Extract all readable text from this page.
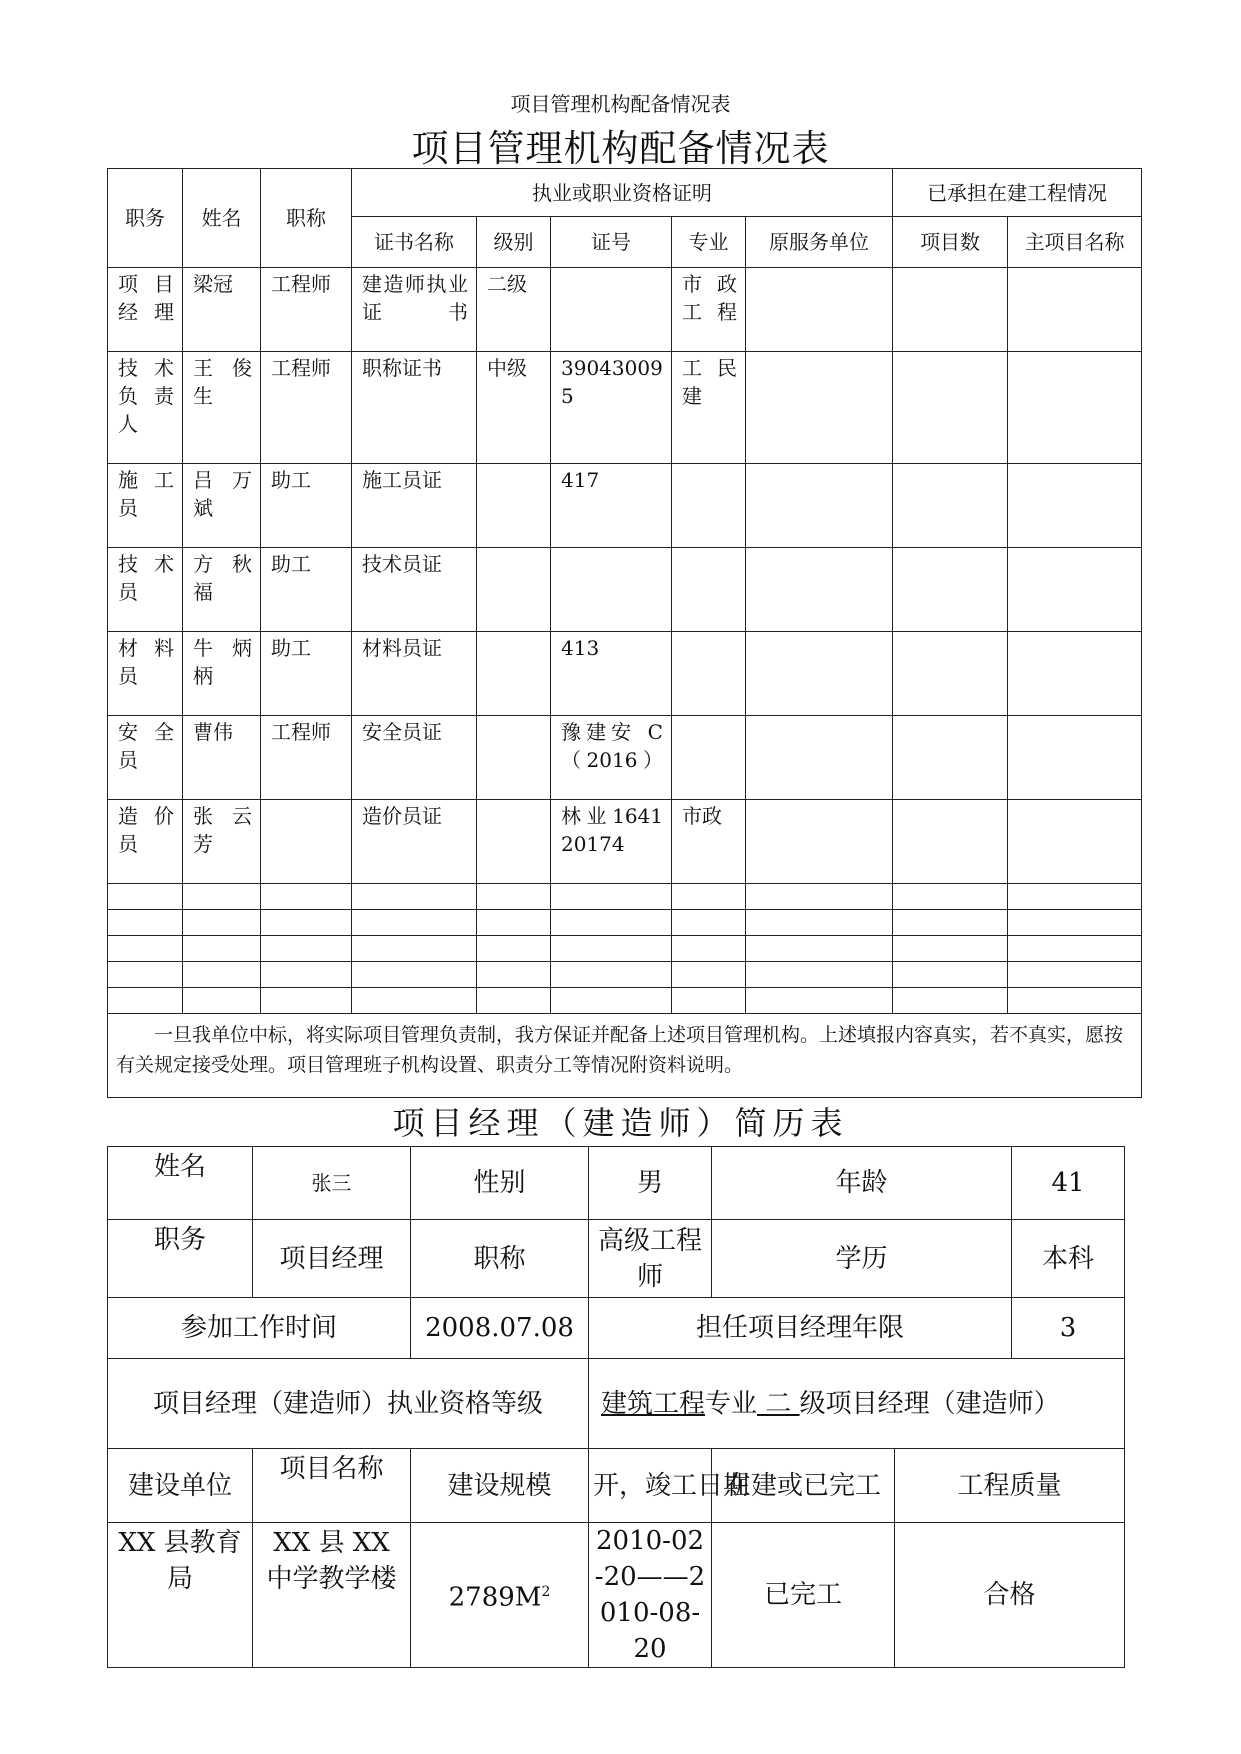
项目管理机构配备情况表
项目管理机构配备情况表
职务	姓名	职称	执业或职业资格证明					已承担在建工程情况	
			证书名称	级别	证号	专业	原服务单位	项目数	主项目名称
项目经理	梁冠	工程师	建造师执业证书	二级		市政工程			
技术负责人	王俊生	工程师	职称证书	中级	390430095	工民建			
施工员	吕万斌	助工	施工员证		417				
技术员	方秋福	助工	技术员证						
材料员	牛炳柄	助工	材料员证		413				
安全员	曹伟	工程师	安全员证		豫建安 C（2016）				
造价员	张云芳		造价员证		林业164120174	市政			

一旦我单位中标，将实际项目管理负责制，我方保证并配备上述项目管理机构。上述填报内容真实，若不真实，愿按有关规定接受处理。项目管理班子机构设置、职责分工等情况附资料说明。									
项目经理（建造师）简历表
姓名	张三	性别	男	年龄		41
职务	项目经理	职称	高级工程师	学历		本科
参加工作时间		2008.07.08	担任项目经理年限			3
项目经理（建造师）执业资格等级			建筑工程专业 二 级项目经理（建造师）			
建设单位	项目名称	建设规模	开，竣工日期	在建或已完工	工程质量	
XX 县教育局	XX 县 XX 中学教学楼	$2789M^2$	2010-02-20——2010-08-20	已完工	合格	
